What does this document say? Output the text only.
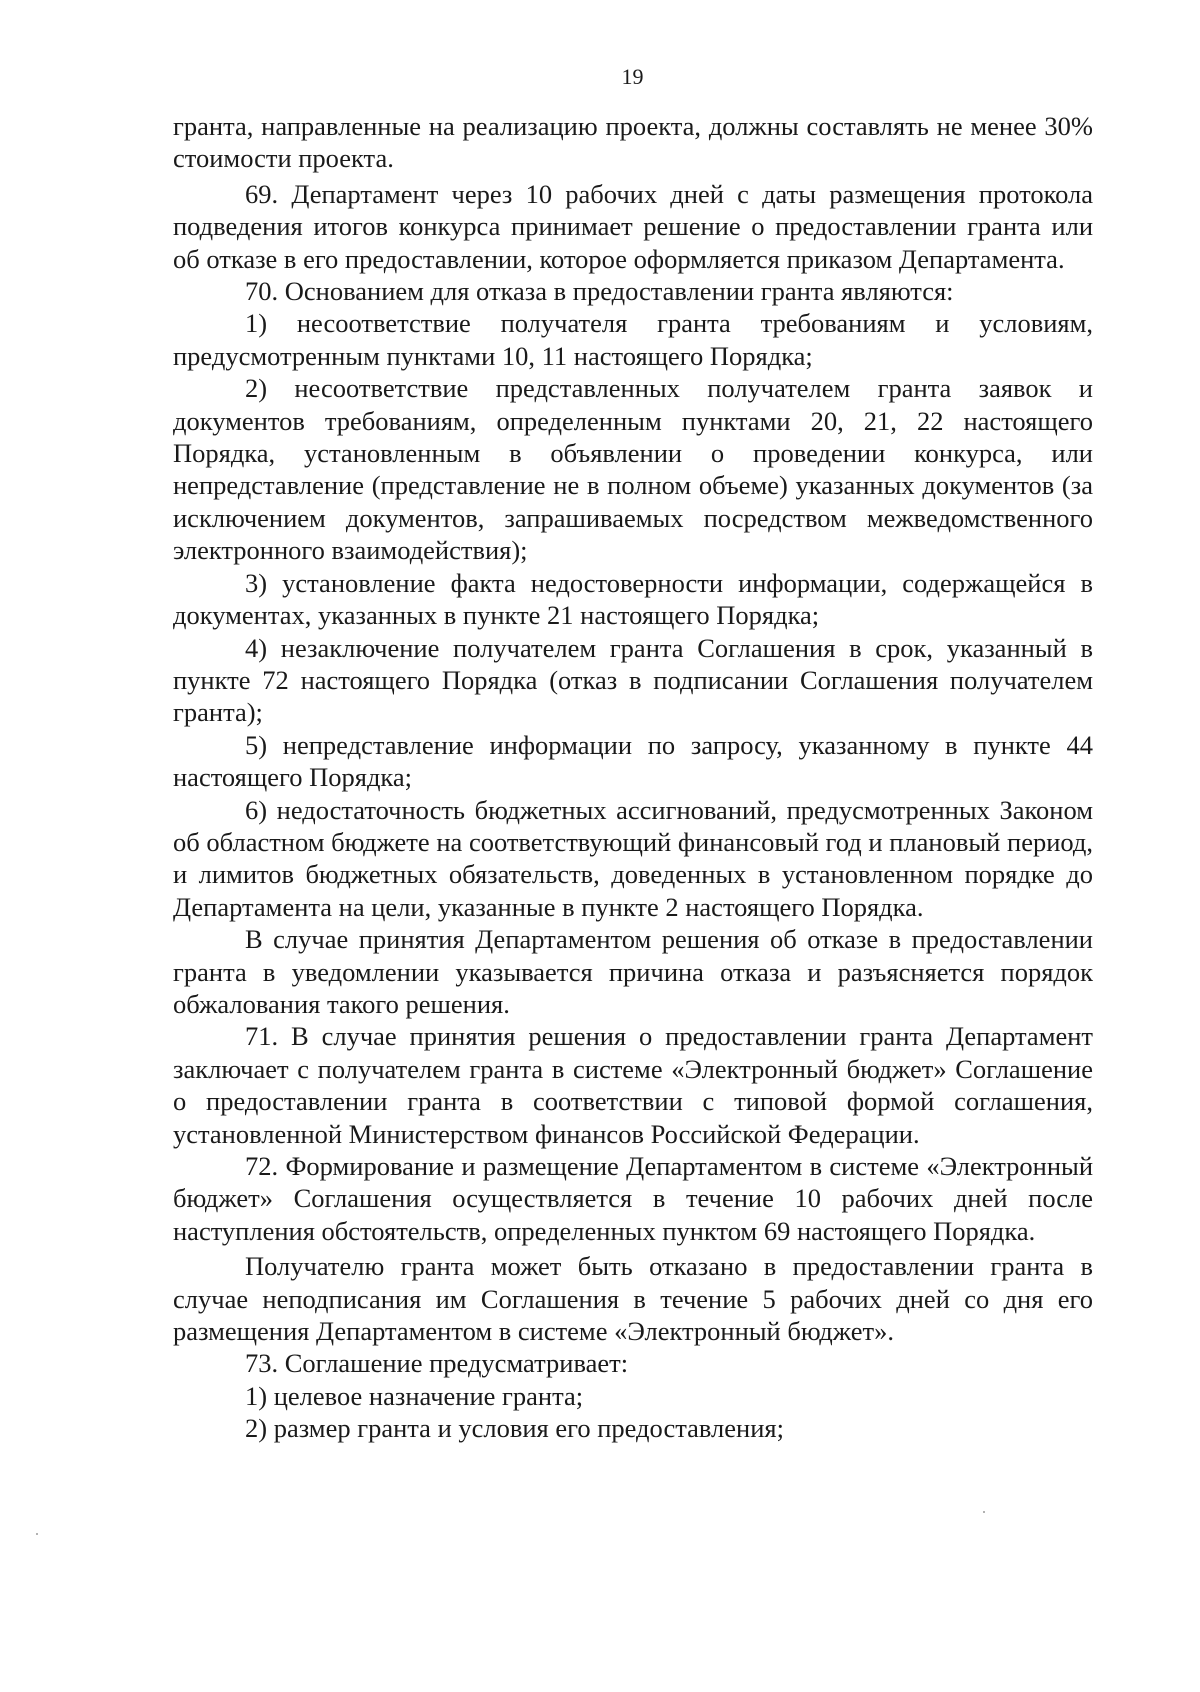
19

гранта, направленные на реализацию проекта, должны составлять не менее 30% стоимости проекта.

69. Департамент через 10 рабочих дней с даты размещения протокола подведения итогов конкурса принимает решение о предоставлении гранта или об отказе в его предоставлении, которое оформляется приказом Департамента.

70. Основанием для отказа в предоставлении гранта являются:

1) несоответствие получателя гранта требованиям и условиям, предусмотренным пунктами 10, 11 настоящего Порядка;

2) несоответствие представленных получателем гранта заявок и документов требованиям, определенным пунктами 20, 21, 22 настоящего Порядка, установленным в объявлении о проведении конкурса, или непредставление (представление не в полном объеме) указанных документов (за исключением документов, запрашиваемых посредством межведомственного электронного взаимодействия);

3) установление факта недостоверности информации, содержащейся в документах, указанных в пункте 21 настоящего Порядка;

4) незаключение получателем гранта Соглашения в срок, указанный в пункте 72 настоящего Порядка (отказ в подписании Соглашения получателем гранта);

5) непредставление информации по запросу, указанному в пункте 44 настоящего Порядка;

6) недостаточность бюджетных ассигнований, предусмотренных Законом об областном бюджете на соответствующий финансовый год и плановый период, и лимитов бюджетных обязательств, доведенных в установленном порядке до Департамента на цели, указанные в пункте 2 настоящего Порядка.

В случае принятия Департаментом решения об отказе в предоставлении гранта в уведомлении указывается причина отказа и разъясняется порядок обжалования такого решения.

71. В случае принятия решения о предоставлении гранта Департамент заключает с получателем гранта в системе «Электронный бюджет» Соглашение о предоставлении гранта в соответствии с типовой формой соглашения, установленной Министерством финансов Российской Федерации.

72. Формирование и размещение Департаментом в системе «Электронный бюджет» Соглашения осуществляется в течение 10 рабочих дней после наступления обстоятельств, определенных пунктом 69 настоящего Порядка.

Получателю гранта может быть отказано в предоставлении гранта в случае неподписания им Соглашения в течение 5 рабочих дней со дня его размещения Департаментом в системе «Электронный бюджет».

73. Соглашение предусматривает:

1) целевое назначение гранта;

2) размер гранта и условия его предоставления;
